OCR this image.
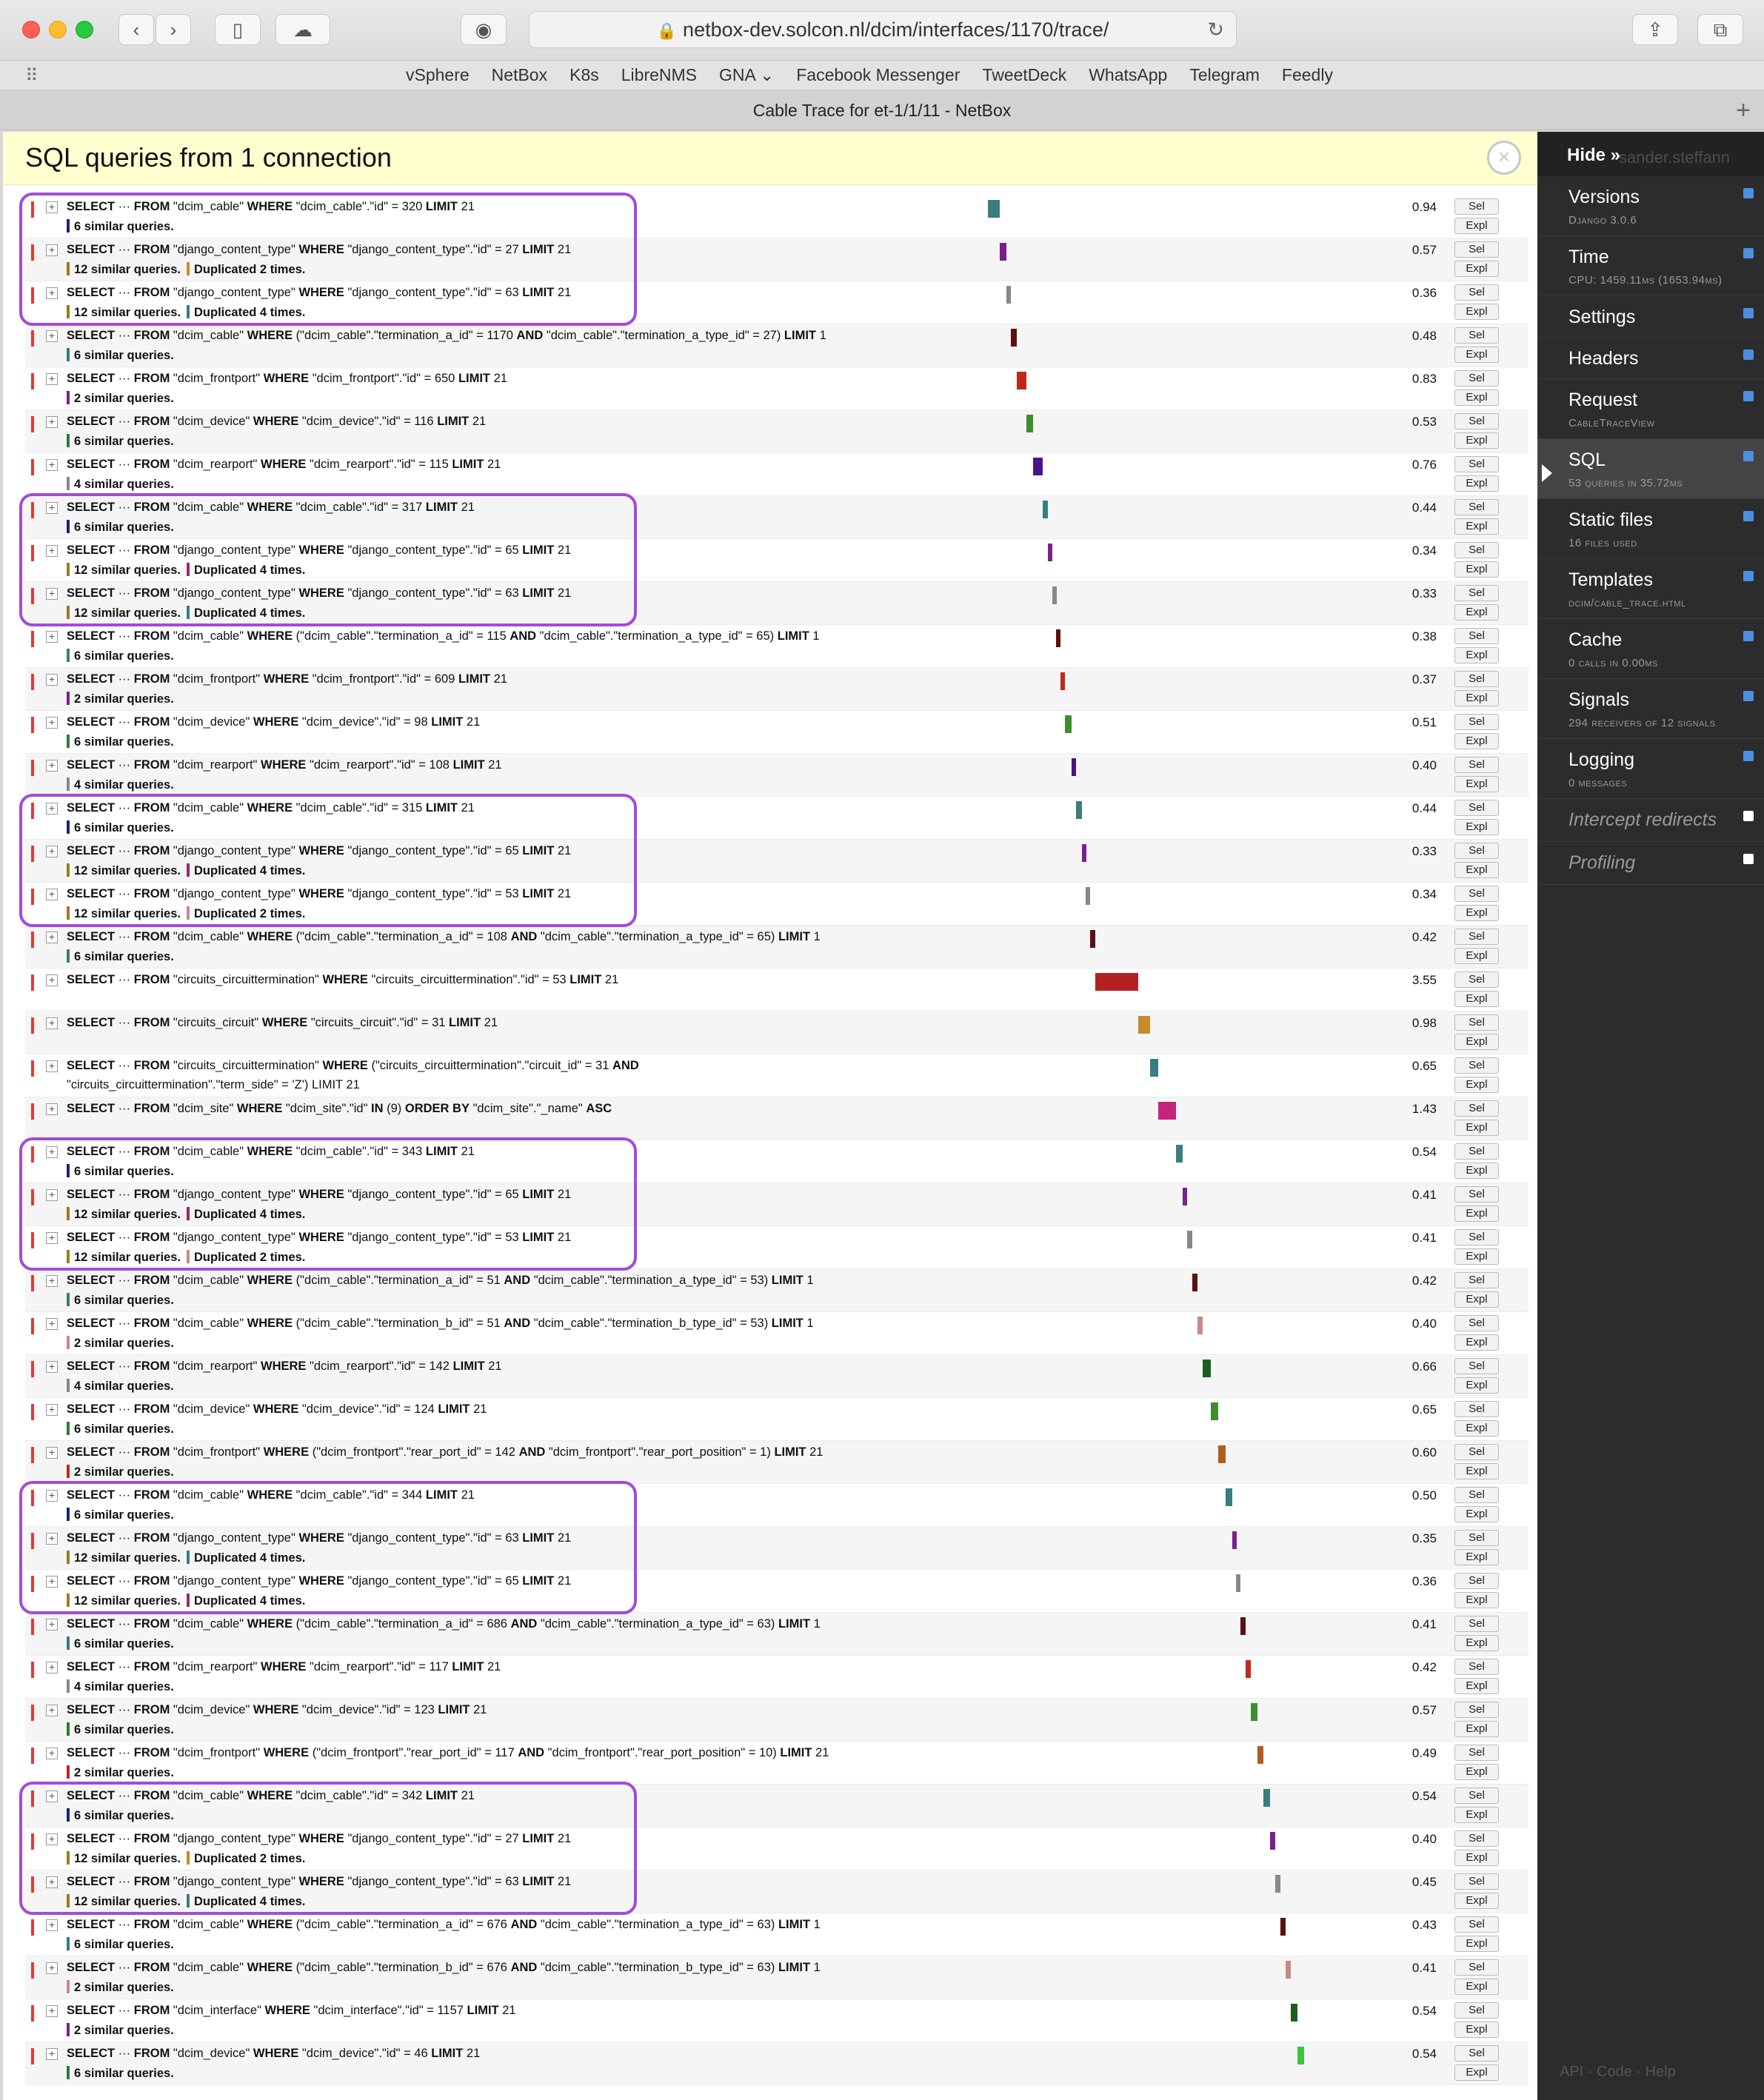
‹	›	▯	☁	◉	🔒 netbox-dev.solcon.nl/dcim/interfaces/1170/trace/	↻	⇪	⧉
⠿	vSphere NetBox K8s LibreNMS GNA ⌄ Facebook Messenger TweetDeck WhatsApp Telegram Feedly
Cable Trace for et-1/1/11 - NetBox	+
SQL queries from 1 connection	×
+ SELECT ··· FROM "dcim_cable" WHERE "dcim_cable"."id" = 320 LIMIT 21
6 similar queries.
0.94	Sel
Expl
+ SELECT ··· FROM "django_content_type" WHERE "django_content_type"."id" = 27 LIMIT 21
12 similar queries. Duplicated 2 times.
0.57	Sel
Expl
+ SELECT ··· FROM "django_content_type" WHERE "django_content_type"."id" = 63 LIMIT 21
12 similar queries. Duplicated 4 times.
0.36	Sel
Expl
+ SELECT ··· FROM "dcim_cable" WHERE ("dcim_cable"."termination_a_id" = 1170 AND "dcim_cable"."termination_a_type_id" = 27) LIMIT 1
6 similar queries.
0.48	Sel
Expl
+ SELECT ··· FROM "dcim_frontport" WHERE "dcim_frontport"."id" = 650 LIMIT 21
2 similar queries.
0.83	Sel
Expl
+ SELECT ··· FROM "dcim_device" WHERE "dcim_device"."id" = 116 LIMIT 21
6 similar queries.
0.53	Sel
Expl
+ SELECT ··· FROM "dcim_rearport" WHERE "dcim_rearport"."id" = 115 LIMIT 21
4 similar queries.
0.76	Sel
Expl
+ SELECT ··· FROM "dcim_cable" WHERE "dcim_cable"."id" = 317 LIMIT 21
6 similar queries.
0.44	Sel
Expl
+ SELECT ··· FROM "django_content_type" WHERE "django_content_type"."id" = 65 LIMIT 21
12 similar queries. Duplicated 4 times.
0.34	Sel
Expl
+ SELECT ··· FROM "django_content_type" WHERE "django_content_type"."id" = 63 LIMIT 21
12 similar queries. Duplicated 4 times.
0.33	Sel
Expl
+ SELECT ··· FROM "dcim_cable" WHERE ("dcim_cable"."termination_a_id" = 115 AND "dcim_cable"."termination_a_type_id" = 65) LIMIT 1
6 similar queries.
0.38	Sel
Expl
+ SELECT ··· FROM "dcim_frontport" WHERE "dcim_frontport"."id" = 609 LIMIT 21
2 similar queries.
0.37	Sel
Expl
+ SELECT ··· FROM "dcim_device" WHERE "dcim_device"."id" = 98 LIMIT 21
6 similar queries.
0.51	Sel
Expl
+ SELECT ··· FROM "dcim_rearport" WHERE "dcim_rearport"."id" = 108 LIMIT 21
4 similar queries.
0.40	Sel
Expl
+ SELECT ··· FROM "dcim_cable" WHERE "dcim_cable"."id" = 315 LIMIT 21
6 similar queries.
0.44	Sel
Expl
+ SELECT ··· FROM "django_content_type" WHERE "django_content_type"."id" = 65 LIMIT 21
12 similar queries. Duplicated 4 times.
0.33	Sel
Expl
+ SELECT ··· FROM "django_content_type" WHERE "django_content_type"."id" = 53 LIMIT 21
12 similar queries. Duplicated 2 times.
0.34	Sel
Expl
+ SELECT ··· FROM "dcim_cable" WHERE ("dcim_cable"."termination_a_id" = 108 AND "dcim_cable"."termination_a_type_id" = 65) LIMIT 1
6 similar queries.
0.42	Sel
Expl
+ SELECT ··· FROM "circuits_circuittermination" WHERE "circuits_circuittermination"."id" = 53 LIMIT 21	3.55	Sel
Expl
+ SELECT ··· FROM "circuits_circuit" WHERE "circuits_circuit"."id" = 31 LIMIT 21	0.98	Sel
Expl
+ SELECT ··· FROM "circuits_circuittermination" WHERE ("circuits_circuittermination"."circuit_id" = 31 AND
"circuits_circuittermination"."term_side" = 'Z') LIMIT 21
0.65	Sel
Expl
+ SELECT ··· FROM "dcim_site" WHERE "dcim_site"."id" IN (9) ORDER BY "dcim_site"."_name" ASC	1.43	Sel
Expl
+ SELECT ··· FROM "dcim_cable" WHERE "dcim_cable"."id" = 343 LIMIT 21
6 similar queries.
0.54	Sel
Expl
+ SELECT ··· FROM "django_content_type" WHERE "django_content_type"."id" = 65 LIMIT 21
12 similar queries. Duplicated 4 times.
0.41	Sel
Expl
+ SELECT ··· FROM "django_content_type" WHERE "django_content_type"."id" = 53 LIMIT 21
12 similar queries. Duplicated 2 times.
0.41	Sel
Expl
+ SELECT ··· FROM "dcim_cable" WHERE ("dcim_cable"."termination_a_id" = 51 AND "dcim_cable"."termination_a_type_id" = 53) LIMIT 1
6 similar queries.
0.42	Sel
Expl
+ SELECT ··· FROM "dcim_cable" WHERE ("dcim_cable"."termination_b_id" = 51 AND "dcim_cable"."termination_b_type_id" = 53) LIMIT 1
2 similar queries.
0.40	Sel
Expl
+ SELECT ··· FROM "dcim_rearport" WHERE "dcim_rearport"."id" = 142 LIMIT 21
4 similar queries.
0.66	Sel
Expl
+ SELECT ··· FROM "dcim_device" WHERE "dcim_device"."id" = 124 LIMIT 21
6 similar queries.
0.65	Sel
Expl
+ SELECT ··· FROM "dcim_frontport" WHERE ("dcim_frontport"."rear_port_id" = 142 AND "dcim_frontport"."rear_port_position" = 1) LIMIT 21
2 similar queries.
0.60	Sel
Expl
+ SELECT ··· FROM "dcim_cable" WHERE "dcim_cable"."id" = 344 LIMIT 21
6 similar queries.
0.50	Sel
Expl
+ SELECT ··· FROM "django_content_type" WHERE "django_content_type"."id" = 63 LIMIT 21
12 similar queries. Duplicated 4 times.
0.35	Sel
Expl
+ SELECT ··· FROM "django_content_type" WHERE "django_content_type"."id" = 65 LIMIT 21
12 similar queries. Duplicated 4 times.
0.36	Sel
Expl
+ SELECT ··· FROM "dcim_cable" WHERE ("dcim_cable"."termination_a_id" = 686 AND "dcim_cable"."termination_a_type_id" = 63) LIMIT 1
6 similar queries.
0.41	Sel
Expl
+ SELECT ··· FROM "dcim_rearport" WHERE "dcim_rearport"."id" = 117 LIMIT 21
4 similar queries.
0.42	Sel
Expl
+ SELECT ··· FROM "dcim_device" WHERE "dcim_device"."id" = 123 LIMIT 21
6 similar queries.
0.57	Sel
Expl
+ SELECT ··· FROM "dcim_frontport" WHERE ("dcim_frontport"."rear_port_id" = 117 AND "dcim_frontport"."rear_port_position" = 10) LIMIT 21
2 similar queries.
0.49	Sel
Expl
+ SELECT ··· FROM "dcim_cable" WHERE "dcim_cable"."id" = 342 LIMIT 21
6 similar queries.
0.54	Sel
Expl
+ SELECT ··· FROM "django_content_type" WHERE "django_content_type"."id" = 27 LIMIT 21
12 similar queries. Duplicated 2 times.
0.40	Sel
Expl
+ SELECT ··· FROM "django_content_type" WHERE "django_content_type"."id" = 63 LIMIT 21
12 similar queries. Duplicated 4 times.
0.45	Sel
Expl
+ SELECT ··· FROM "dcim_cable" WHERE ("dcim_cable"."termination_a_id" = 676 AND "dcim_cable"."termination_a_type_id" = 63) LIMIT 1
6 similar queries.
0.43	Sel
Expl
+ SELECT ··· FROM "dcim_cable" WHERE ("dcim_cable"."termination_b_id" = 676 AND "dcim_cable"."termination_b_type_id" = 63) LIMIT 1
2 similar queries.
0.41	Sel
Expl
+ SELECT ··· FROM "dcim_interface" WHERE "dcim_interface"."id" = 1157 LIMIT 21
2 similar queries.
0.54	Sel
Expl
+ SELECT ··· FROM "dcim_device" WHERE "dcim_device"."id" = 46 LIMIT 21
6 similar queries.
0.54	Sel
Expl
Hide »
sander.steffann
Versions
Django 3.0.6
Time
CPU: 1459.11ms (1653.94ms)
Settings
Headers
Request
CableTraceView
SQL
53 queries in 35.72ms
Static files
16 files used
Templates
dcim/cable_trace.html
Cache
0 calls in 0.00ms
Signals
294 receivers of 12 signals
Logging
0 messages
Intercept redirects
Profiling
API · Code · Help
